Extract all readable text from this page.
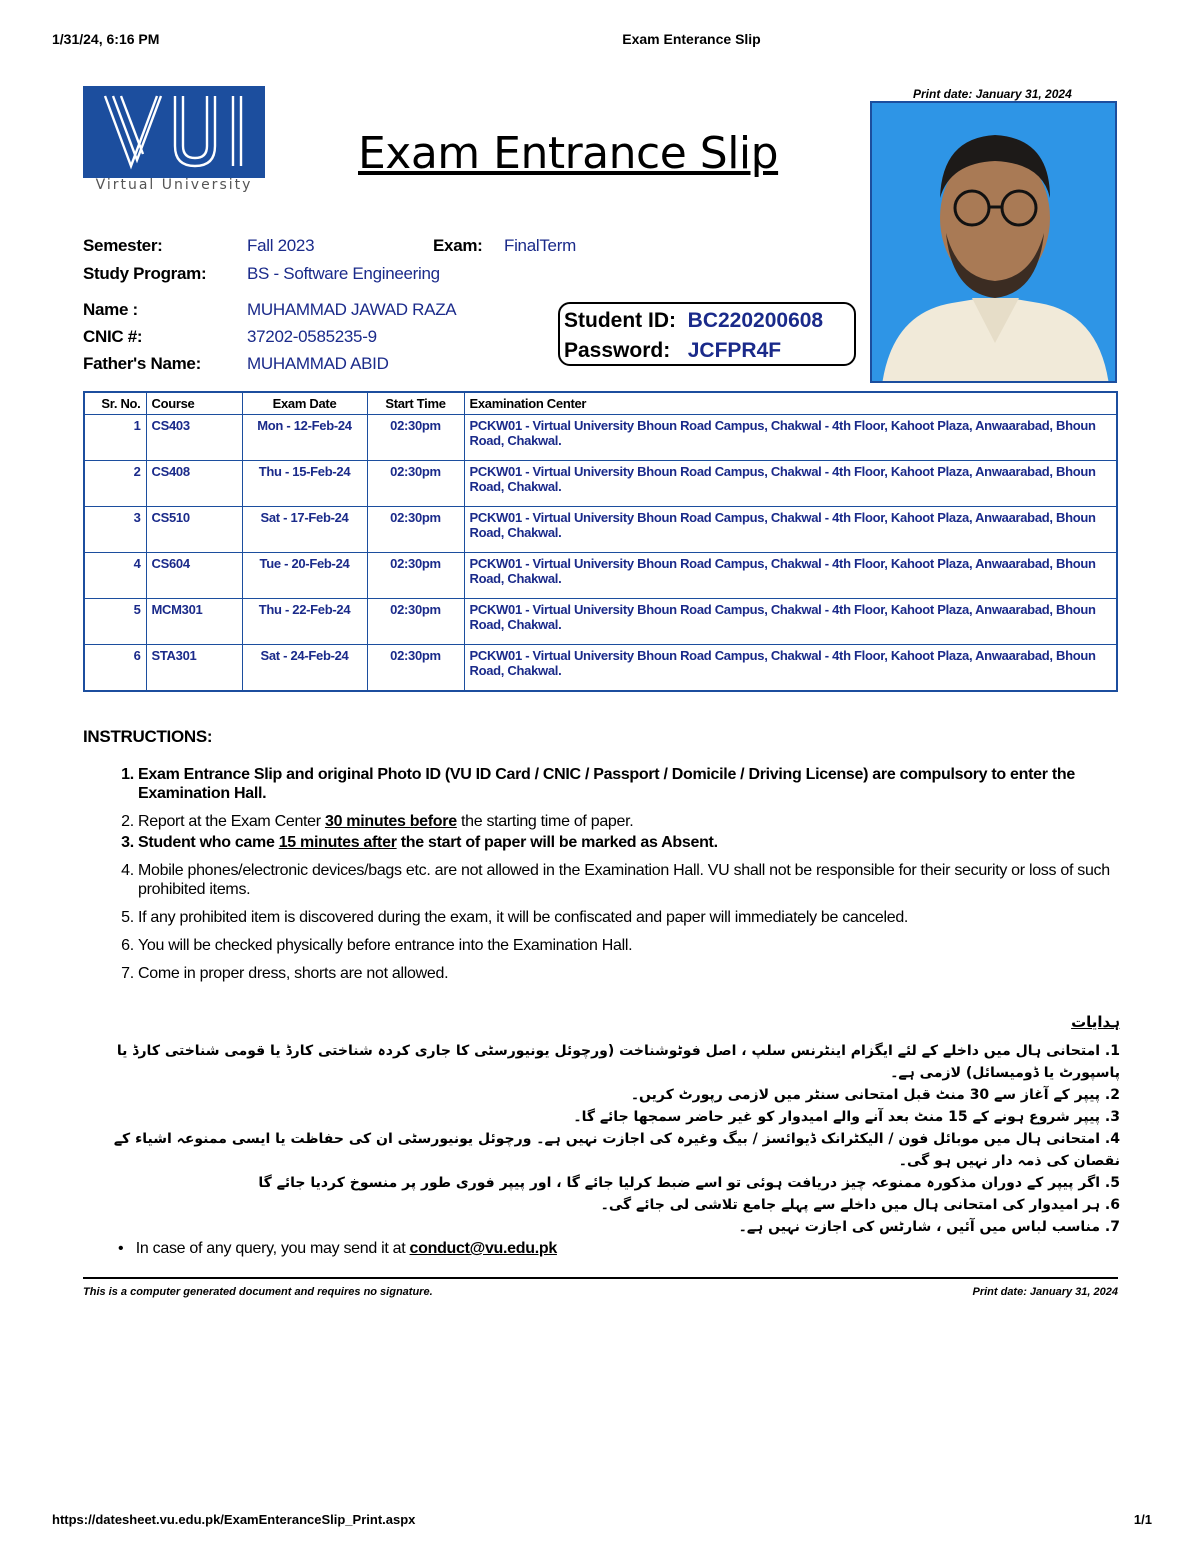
1/31/24, 6:16 PM	Exam Enterance Slip
https://datesheet.vu.edu.pk/ExamEnteranceSlip_Print.aspx	1/1
Virtual University
Exam Entrance Slip
Print date: January 31, 2024
Semester:	Fall 2023	Exam: FinalTerm
Study Program: BS - Software Engineering
Name :	MUHAMMAD JAWAD RAZA
CNIC #:	37202-0585235-9
Father's Name:	MUHAMMAD ABID
Student ID: BC220200608
Password: JCFPR4F
Sr. No.	Course	Exam Date	Start Time	Examination Center
1	CS403	Mon - 12-Feb-24	02:30pm	PCKW01 - Virtual University Bhoun Road Campus, Chakwal - 4th Floor, Kahoot Plaza, Anwaarabad, Bhoun Road, Chakwal.
2	CS408	Thu - 15-Feb-24	02:30pm	PCKW01 - Virtual University Bhoun Road Campus, Chakwal - 4th Floor, Kahoot Plaza, Anwaarabad, Bhoun Road, Chakwal.
3	CS510	Sat - 17-Feb-24	02:30pm	PCKW01 - Virtual University Bhoun Road Campus, Chakwal - 4th Floor, Kahoot Plaza, Anwaarabad, Bhoun Road, Chakwal.
4	CS604	Tue - 20-Feb-24	02:30pm	PCKW01 - Virtual University Bhoun Road Campus, Chakwal - 4th Floor, Kahoot Plaza, Anwaarabad, Bhoun Road, Chakwal.
5	MCM301	Thu - 22-Feb-24	02:30pm	PCKW01 - Virtual University Bhoun Road Campus, Chakwal - 4th Floor, Kahoot Plaza, Anwaarabad, Bhoun Road, Chakwal.
6	STA301	Sat - 24-Feb-24	02:30pm	PCKW01 - Virtual University Bhoun Road Campus, Chakwal - 4th Floor, Kahoot Plaza, Anwaarabad, Bhoun Road, Chakwal.
INSTRUCTIONS:
1. Exam Entrance Slip and original Photo ID (VU ID Card / CNIC / Passport / Domicile / Driving License) are compulsory to enter the Examination Hall.
2. Report at the Exam Center 30 minutes before the starting time of paper.
3. Student who came 15 minutes after the start of paper will be marked as Absent.
4. Mobile phones/electronic devices/bags etc. are not allowed in the Examination Hall. VU shall not be responsible for their security or loss of such prohibited items.
5. If any prohibited item is discovered during the exam, it will be confiscated and paper will immediately be canceled.
6. You will be checked physically before entrance into the Examination Hall.
7. Come in proper dress, shorts are not allowed.
ہدایات
1. امتحانی ہال میں داخلے کے لئے ایگزام اینٹرنس سلپ ، اصل فوٹوشناخت (ورچوئل یونیورسٹی کا جاری کردہ شناختی کارڈ یا قومی شناختی کارڈ یا پاسپورٹ یا ڈومیسائل) لازمی ہے۔
2. پیپر کے آغاز سے 30 منٹ قبل امتحانی سنٹر میں لازمی رپورٹ کریں۔
3. پیپر شروع ہونے کے 15 منٹ بعد آنے والے امیدوار کو غیر حاضر سمجھا جائے گا۔
4. امتحانی ہال میں موبائل فون / الیکٹرانک ڈیوائسز / بیگ وغیرہ کی اجازت نہیں ہے۔ ورچوئل یونیورسٹی ان کی حفاظت یا ایسی ممنوعہ اشیاء کے نقصان کی ذمہ دار نہیں ہو گی۔
5. اگر پیپر کے دوران مذکورہ ممنوعہ چیز دریافت ہوئی تو اسے ضبط کرلیا جائے گا ، اور پیپر فوری طور پر منسوخ کردیا جائے گا
6. ہر امیدوار کی امتحانی ہال میں داخلے سے پہلے جامع تلاشی لی جائے گی۔
7. مناسب لباس میں آئیں ، شارٹس کی اجازت نہیں ہے۔
• In case of any query, you may send it at conduct@vu.edu.pk
This is a computer generated document and requires no signature.	Print date: January 31, 2024
